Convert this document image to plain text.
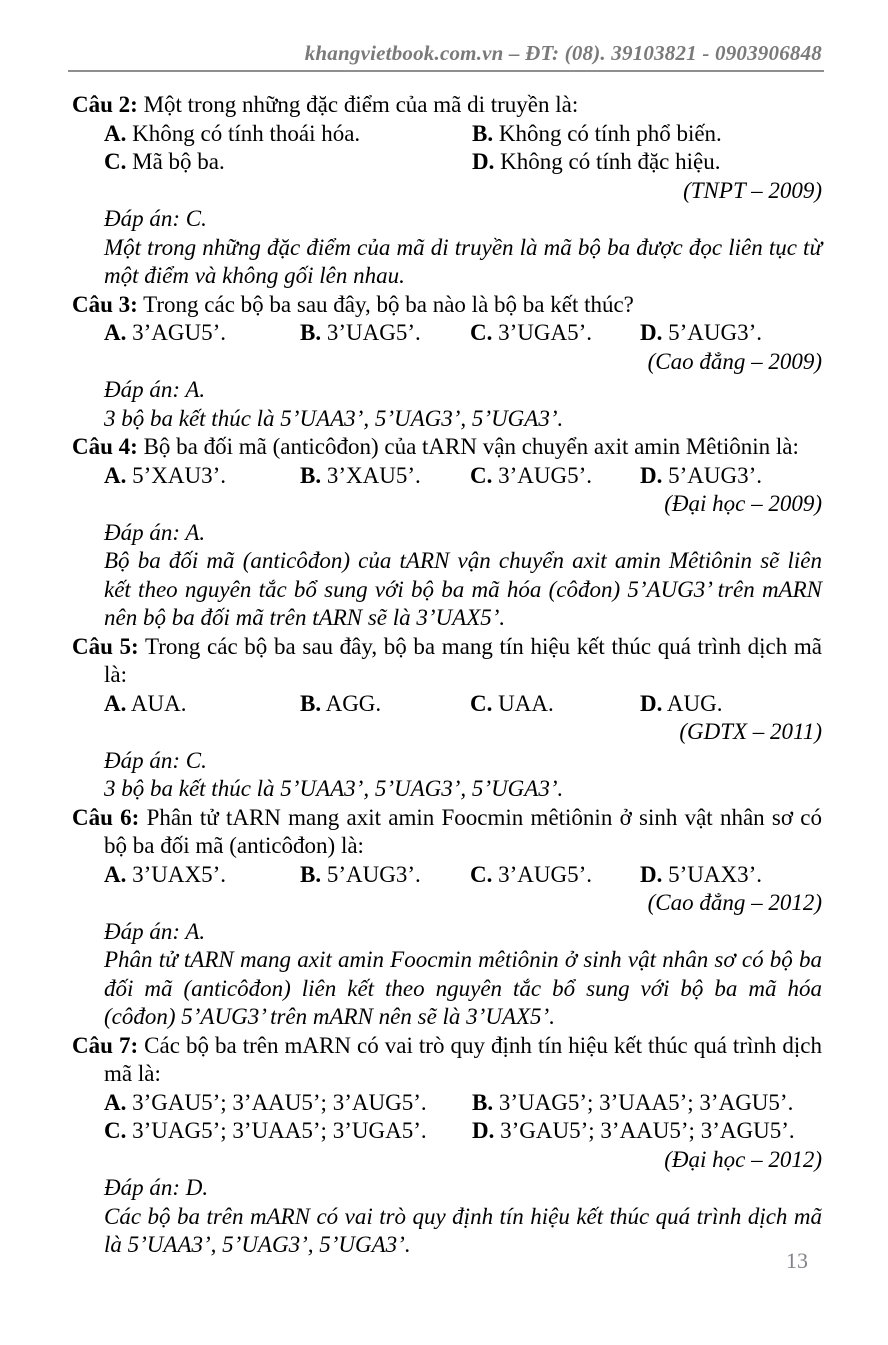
khangvietbook.com.vn – ĐT: (08). 39103821 - 0903906848

Câu 2: Một trong những đặc điểm của mã di truyền là:

A. Không có tính thoái hóa.	B. Không có tính phổ biến.
C. Mã bộ ba.	D. Không có tính đặc hiệu.

(TNPT – 2009)

Đáp án: C.

Một trong những đặc điểm của mã di truyền là mã bộ ba được đọc liên tục từ một điểm và không gối lên nhau.

Câu 3: Trong các bộ ba sau đây, bộ ba nào là bộ ba kết thúc?

A. 3’AGU5’.	B. 3’UAG5’.	C. 3’UGA5’.	D. 5’AUG3’.

(Cao đẳng – 2009)

Đáp án: A.

3 bộ ba kết thúc là 5’UAA3’, 5’UAG3’, 5’UGA3’.

Câu 4: Bộ ba đối mã (anticôđon) của tARN vận chuyển axit amin Mêtiônin là:

A. 5’XAU3’.	B. 3’XAU5’.	C. 3’AUG5’.	D. 5’AUG3’.

(Đại học – 2009)

Đáp án: A.

Bộ ba đối mã (anticôđon) của tARN vận chuyển axit amin Mêtiônin sẽ liên kết theo nguyên tắc bổ sung với bộ ba mã hóa (côđon) 5’AUG3’ trên mARN nên bộ ba đối mã trên tARN sẽ là 3’UAX5’.

Câu 5: Trong các bộ ba sau đây, bộ ba mang tín hiệu kết thúc quá trình dịch mã là:

A. AUA.	B. AGG.	C. UAA.	D. AUG.

(GDTX – 2011)

Đáp án: C.

3 bộ ba kết thúc là 5’UAA3’, 5’UAG3’, 5’UGA3’.

Câu 6: Phân tử tARN mang axit amin Foocmin mêtiônin ở sinh vật nhân sơ có bộ ba đối mã (anticôđon) là:

A. 3’UAX5’.	B. 5’AUG3’.	C. 3’AUG5’.	D. 5’UAX3’.

(Cao đẳng – 2012)

Đáp án: A.

Phân tử tARN mang axit amin Foocmin mêtiônin ở sinh vật nhân sơ có bộ ba đối mã (anticôđon) liên kết theo nguyên tắc bổ sung với bộ ba mã hóa (côđon) 5’AUG3’ trên mARN nên sẽ là 3’UAX5’.

Câu 7: Các bộ ba trên mARN có vai trò quy định tín hiệu kết thúc quá trình dịch mã là:

A. 3’GAU5’; 3’AAU5’; 3’AUG5’.	B. 3’UAG5’; 3’UAA5’; 3’AGU5’.
C. 3’UAG5’; 3’UAA5’; 3’UGA5’.	D. 3’GAU5’; 3’AAU5’; 3’AGU5’.

(Đại học – 2012)

Đáp án: D.

Các bộ ba trên mARN có vai trò quy định tín hiệu kết thúc quá trình dịch mã là 5’UAA3’, 5’UAG3’, 5’UGA3’.

13
